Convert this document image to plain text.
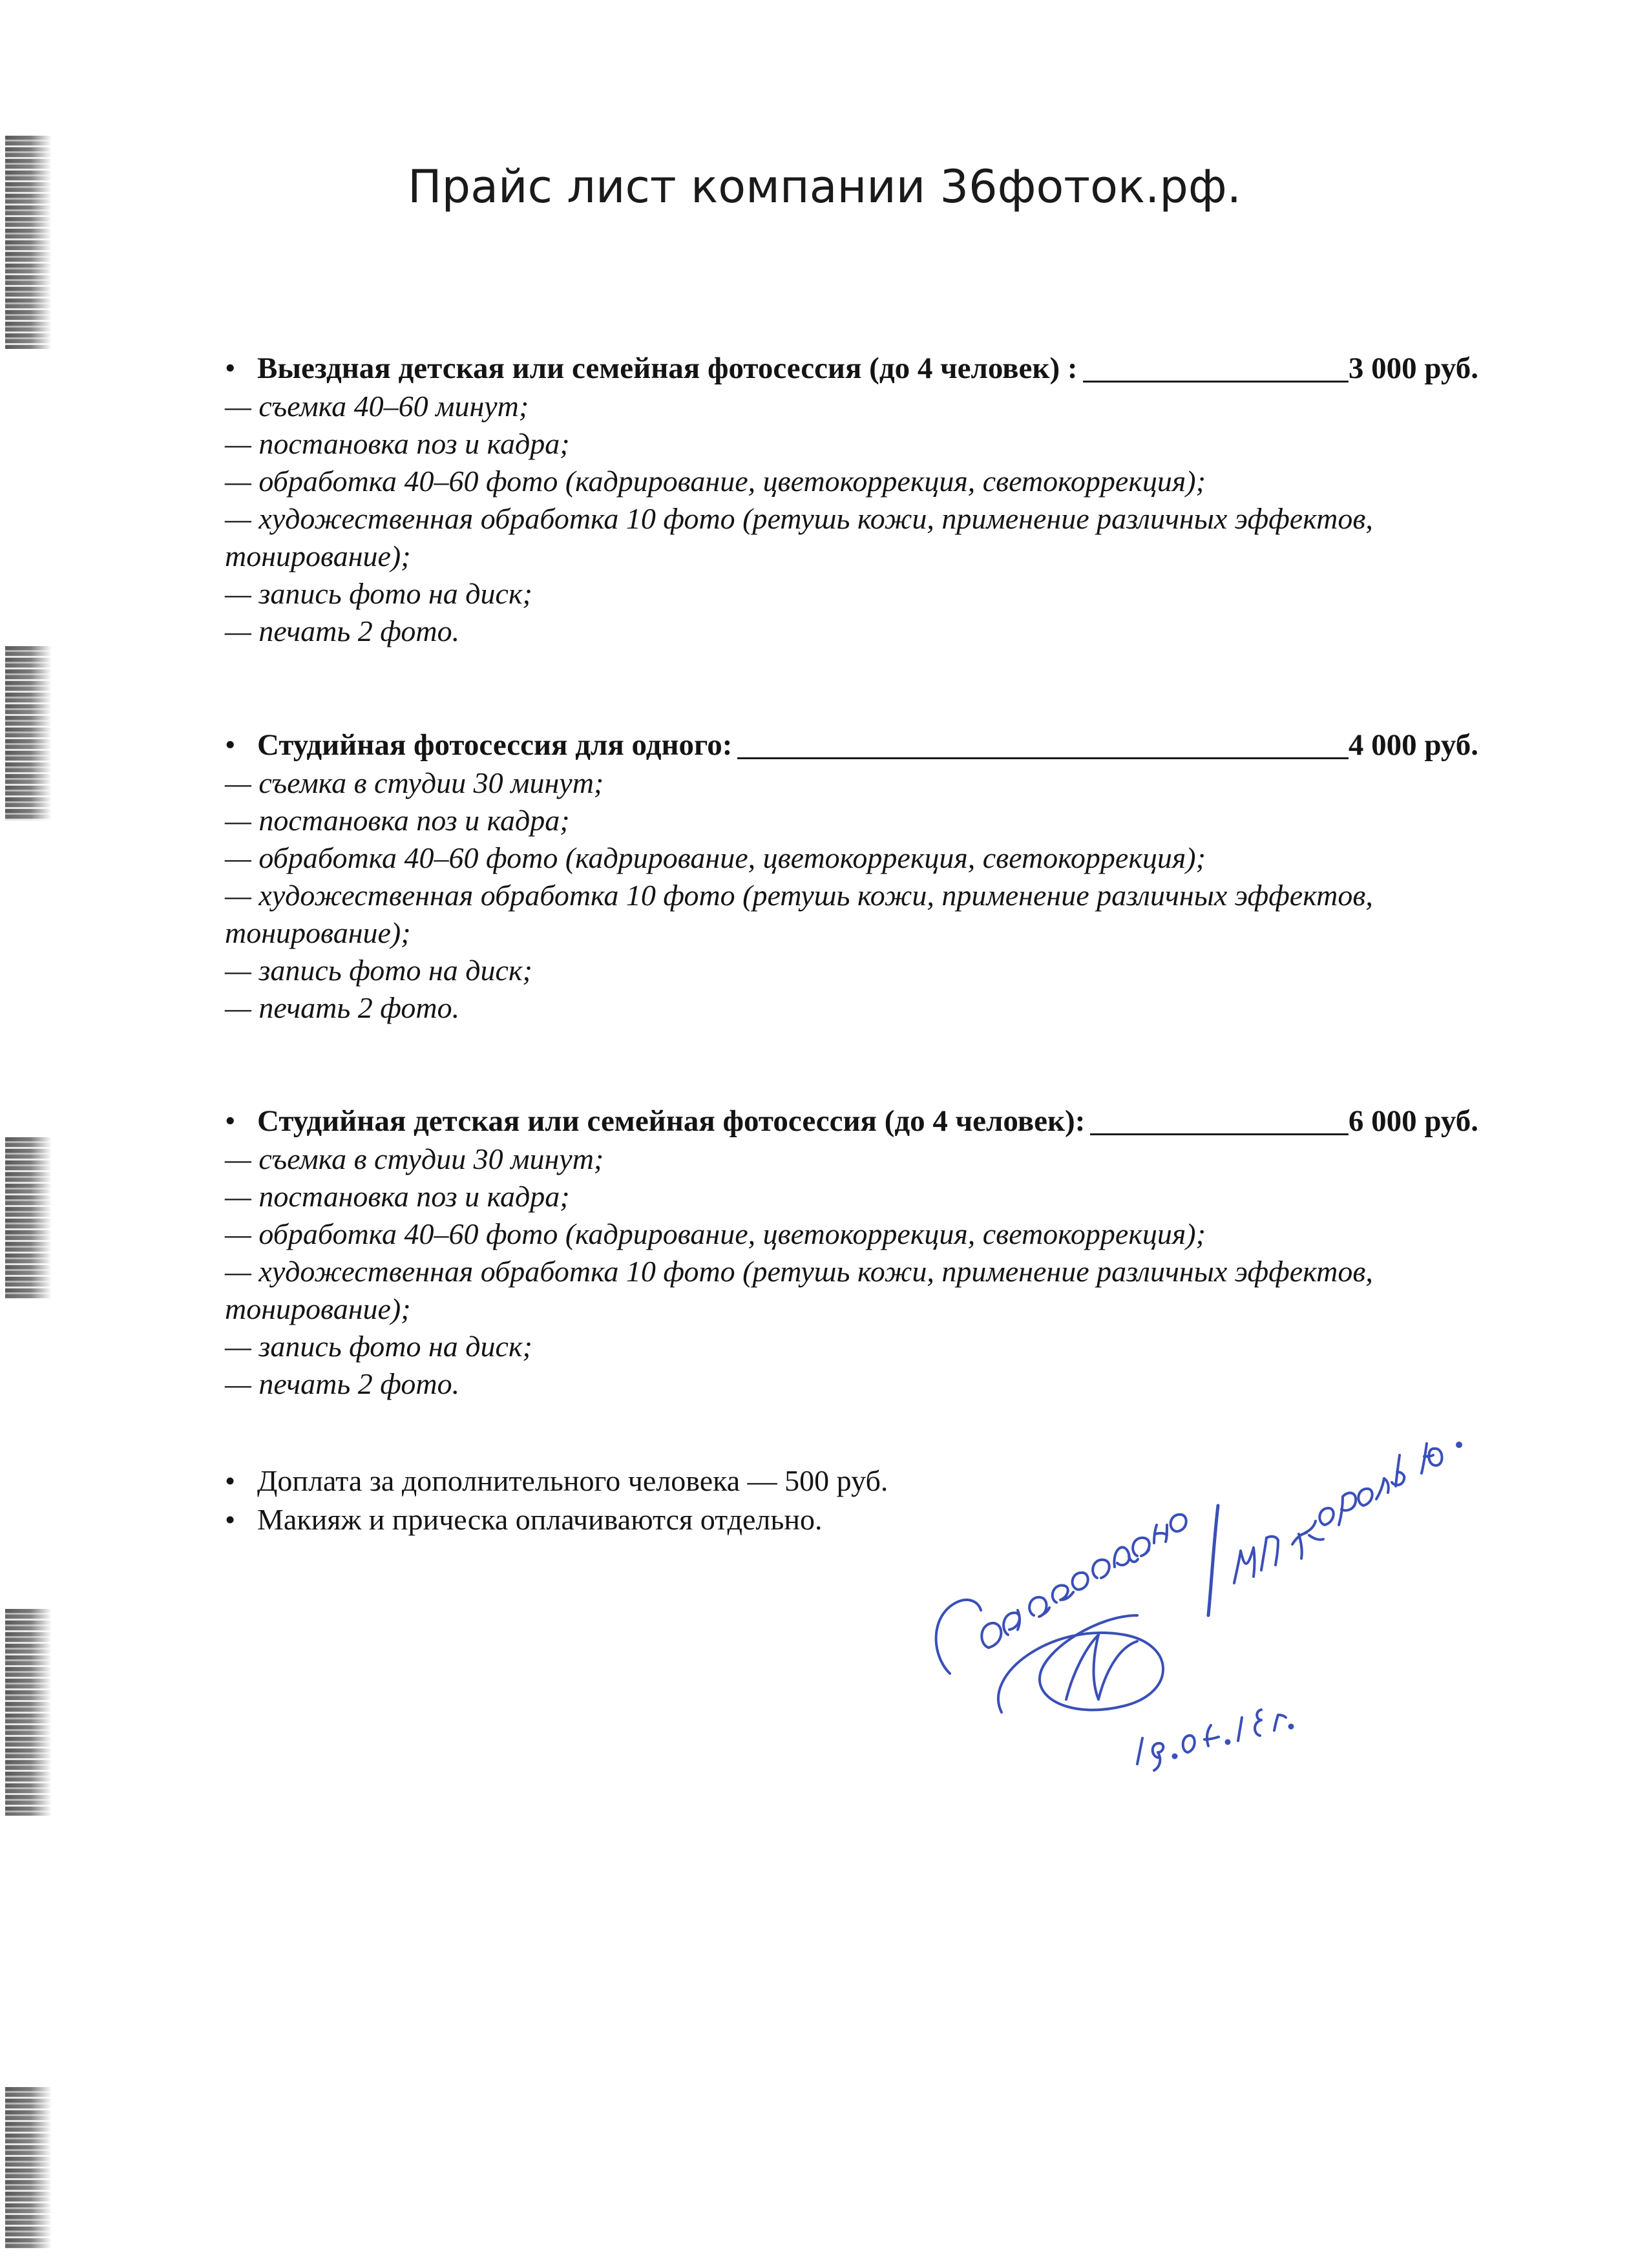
Прайс лист компании 36фоток.рф.
• Выездная детская или семейная фотосессия (до 4 человек) :	3 000 руб.
— съемка 40–60 минут;
— постановка поз и кадра;
— обработка 40–60 фото (кадрирование, цветокоррекция, светокоррекция);
— художественная обработка 10 фото (ретушь кожи, применение различных эффектов,
тонирование);
— запись фото на диск;
— печать 2 фото.
• Студийная фотосессия для одного:	4 000 руб.
— съемка в студии 30 минут;
— постановка поз и кадра;
— обработка 40–60 фото (кадрирование, цветокоррекция, светокоррекция);
— художественная обработка 10 фото (ретушь кожи, применение различных эффектов,
тонирование);
— запись фото на диск;
— печать 2 фото.
• Студийная детская или семейная фотосессия (до 4 человек):	6 000 руб.
— съемка в студии 30 минут;
— постановка поз и кадра;
— обработка 40–60 фото (кадрирование, цветокоррекция, светокоррекция);
— художественная обработка 10 фото (ретушь кожи, применение различных эффектов,
тонирование);
— запись фото на диск;
— печать 2 фото.
• Доплата за дополнительного человека — 500 руб.
• Макияж и прическа оплачиваются отдельно.
